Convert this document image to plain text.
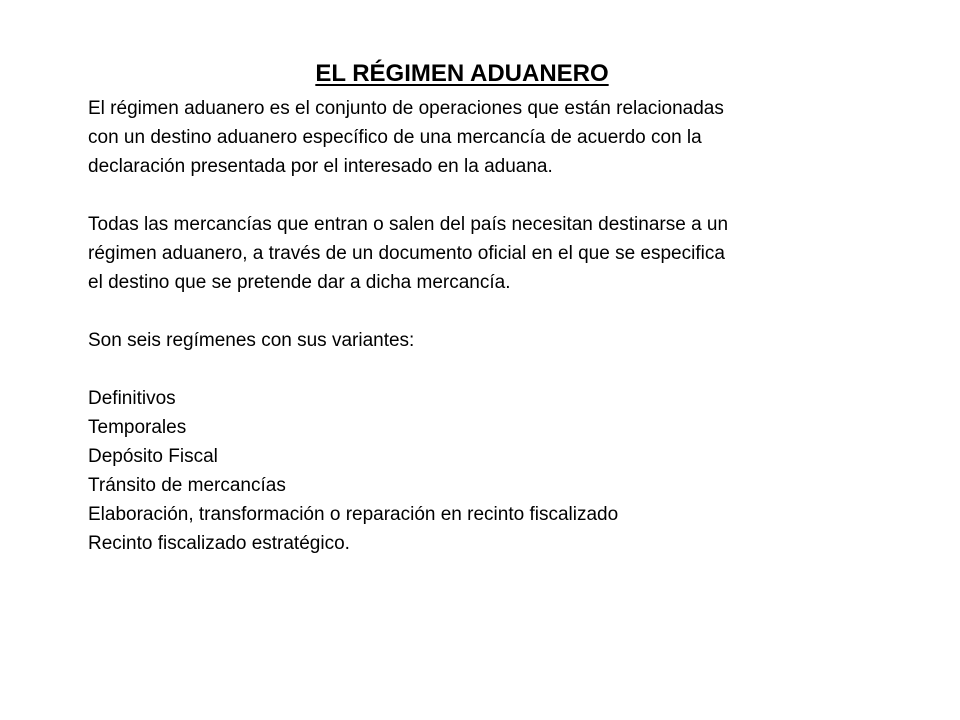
EL RÉGIMEN ADUANERO

El régimen aduanero es el conjunto de operaciones que están relacionadas
con un destino aduanero específico de una mercancía de acuerdo con la
declaración presentada por el interesado en la aduana.

Todas las mercancías que entran o salen del país necesitan destinarse a un
régimen aduanero, a través de un documento oficial en el que se especifica
el destino que se pretende dar a dicha mercancía.

Son seis regímenes con sus variantes:

Definitivos
Temporales
Depósito Fiscal
Tránsito de mercancías
Elaboración, transformación o reparación en recinto fiscalizado
Recinto fiscalizado estratégico.
